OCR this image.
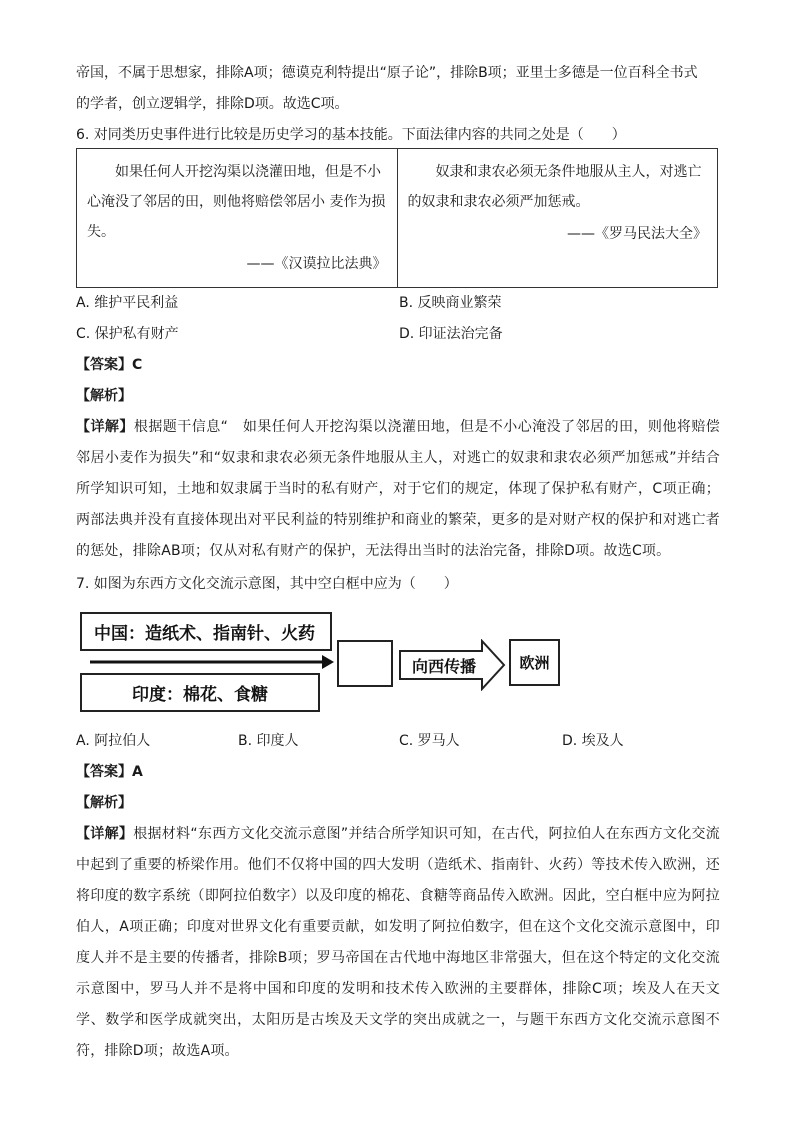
帝国，不属于思想家，排除A项；德谟克利特提出“原子论”，排除B项；亚里士多德是一位百科全书式
的学者，创立逻辑学，排除D项。故选C项。
6. 对同类历史事件进行比较是历史学习的基本技能。下面法律内容的共同之处是（　　）
如果任何人开挖沟渠以浇灌田地，但是不小心淹没了邻居的田，则他将赔偿邻居小 麦作为损失。
——《汉谟拉比法典》

奴隶和隶农必须无条件地服从主人，对逃亡的奴隶和隶农必须严加惩戒。
——《罗马民法大全》
A. 维护平民利益	B. 反映商业繁荣
C. 保护私有财产	D. 印证法治完备
【答案】C
【解析】
【详解】根据题干信息“　如果任何人开挖沟渠以浇灌田地，但是不小心淹没了邻居的田，则他将赔偿邻居小麦作为损失”和“奴隶和隶农必须无条件地服从主人，对逃亡的奴隶和隶农必须严加惩戒”并结合所学知识可知，土地和奴隶属于当时的私有财产，对于它们的规定，体现了保护私有财产，C项正确；两部法典并没有直接体现出对平民利益的特别维护和商业的繁荣，更多的是对财产权的保护和对逃亡者的惩处，排除AB项；仅从对私有财产的保护，无法得出当时的法治完备，排除D项。故选C项。
7. 如图为东西方文化交流示意图，其中空白框中应为（　　）
中国：造纸术、指南针、火药
印度：棉花、食糖
向西传播	欧洲
A. 阿拉伯人	B. 印度人	C. 罗马人	D. 埃及人
【答案】A
【解析】
【详解】根据材料“东西方文化交流示意图”并结合所学知识可知，在古代，阿拉伯人在东西方文化交流中起到了重要的桥梁作用。他们不仅将中国的四大发明（造纸术、指南针、火药）等技术传入欧洲，还将印度的数字系统（即阿拉伯数字）以及印度的棉花、食糖等商品传入欧洲。因此，空白框中应为阿拉伯人，A项正确；印度对世界文化有重要贡献，如发明了阿拉伯数字，但在这个文化交流示意图中，印度人并不是主要的传播者，排除B项；罗马帝国在古代地中海地区非常强大，但在这个特定的文化交流示意图中，罗马人并不是将中国和印度的发明和技术传入欧洲的主要群体，排除C项；埃及人在天文学、数学和医学成就突出，太阳历是古埃及天文学的突出成就之一，与题干东西方文化交流示意图不符，排除D项；故选A项。
